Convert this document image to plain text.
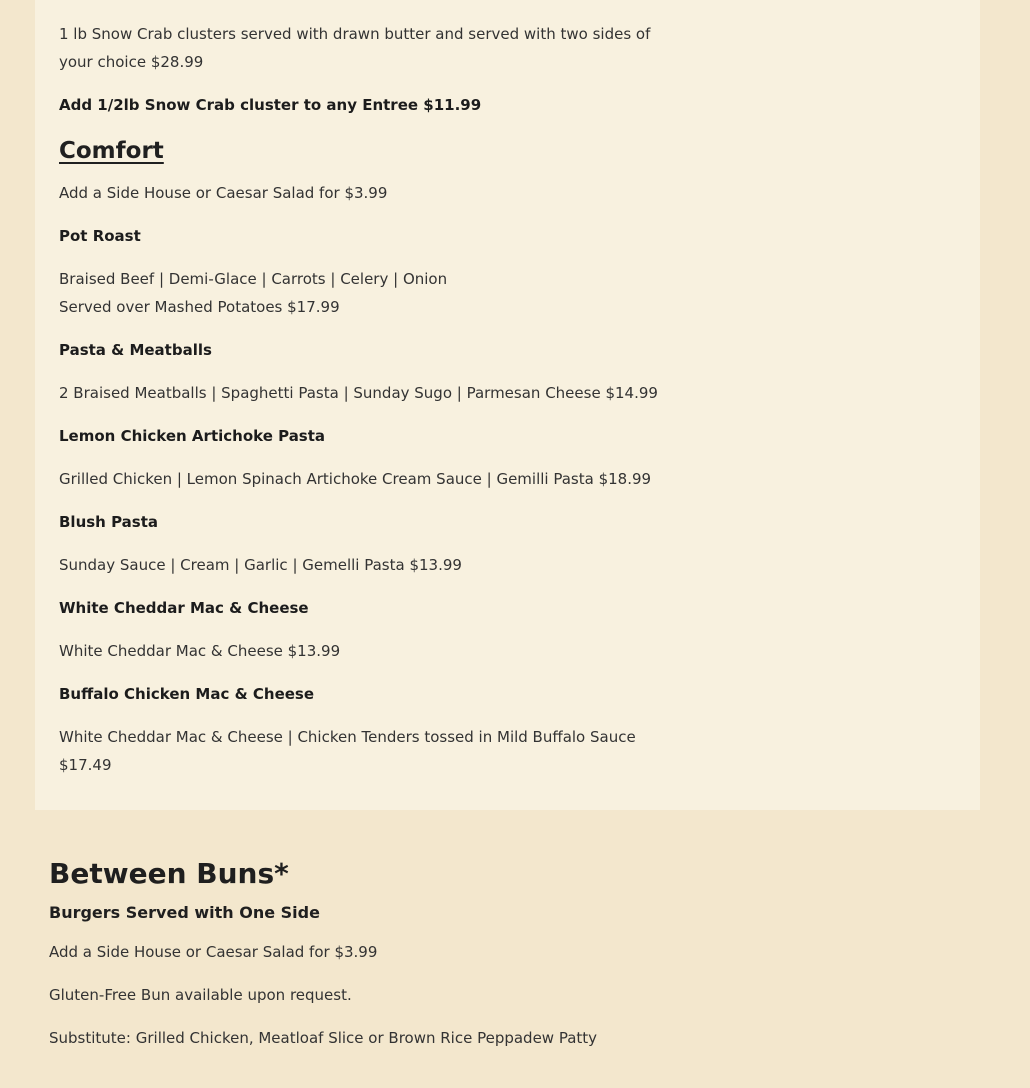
1 lb Snow Crab clusters served with drawn butter and served with two sides of
your choice $28.99

Add 1/2lb Snow Crab cluster to any Entree $11.99

Comfort

Add a Side House or Caesar Salad for $3.99

Pot Roast

Braised Beef | Demi-Glace | Carrots | Celery | Onion
Served over Mashed Potatoes $17.99

Pasta & Meatballs

2 Braised Meatballs | Spaghetti Pasta | Sunday Sugo | Parmesan Cheese $14.99

Lemon Chicken Artichoke Pasta

Grilled Chicken | Lemon Spinach Artichoke Cream Sauce | Gemilli Pasta $18.99

Blush Pasta

Sunday Sauce | Cream | Garlic | Gemelli Pasta $13.99

White Cheddar Mac & Cheese

White Cheddar Mac & Cheese $13.99

Buffalo Chicken Mac & Cheese

White Cheddar Mac & Cheese | Chicken Tenders tossed in Mild Buffalo Sauce
$17.49

Between Buns*
Burgers Served with One Side

Add a Side House or Caesar Salad for $3.99

Gluten-Free Bun available upon request.

Substitute: Grilled Chicken, Meatloaf Slice or Brown Rice Peppadew Patty
